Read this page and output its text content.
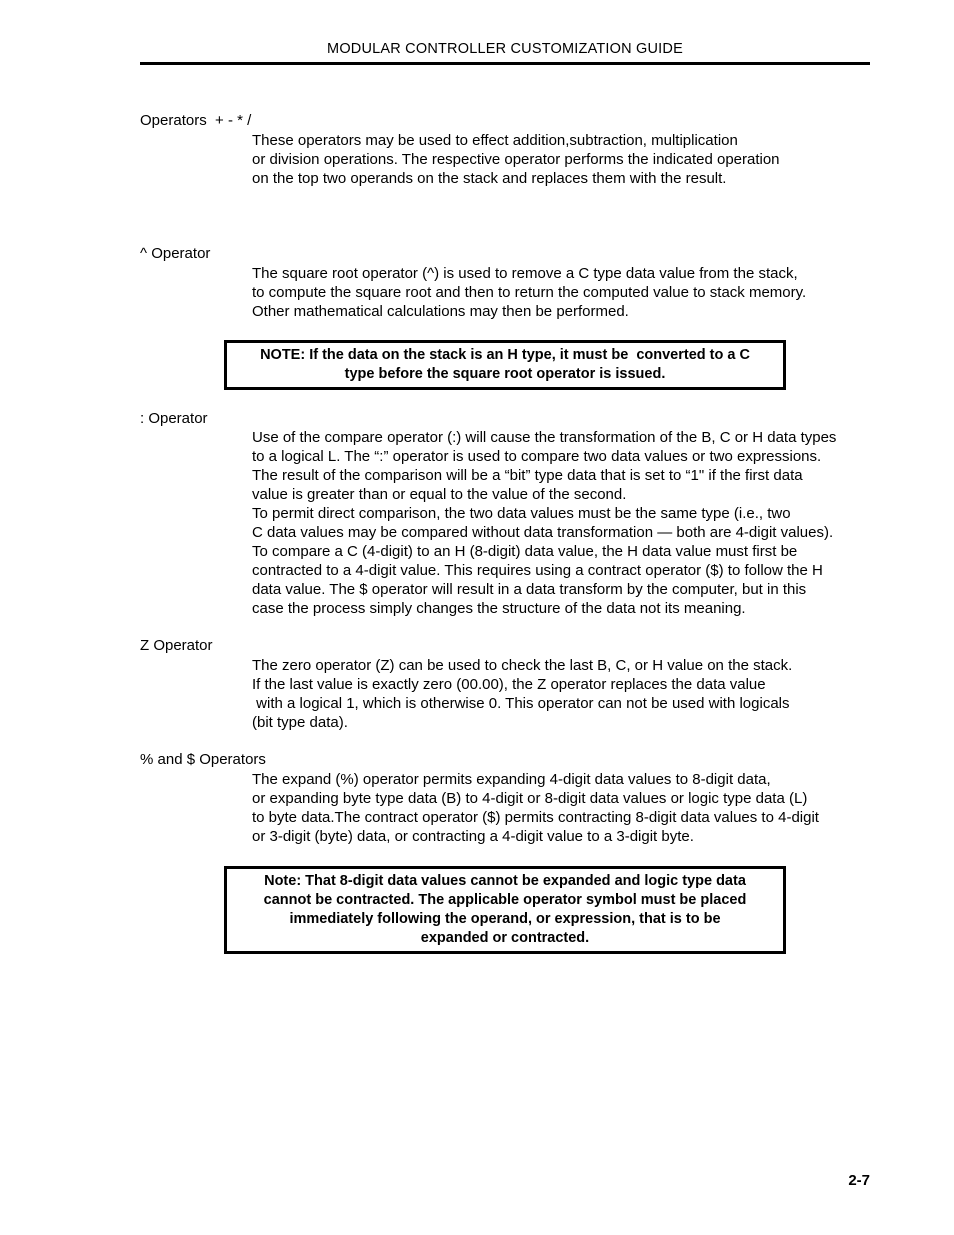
MODULAR CONTROLLER CUSTOMIZATION GUIDE
Operators  + - * /
These operators may be used to effect addition,subtraction, multiplication
or division operations. The respective operator performs the indicated operation
on the top two operands on the stack and replaces them with the result.
^ Operator
The square root operator (^) is used to remove a C type data value from the stack,
to compute the square root and then to return the computed value to stack memory.
Other mathematical calculations may then be performed.
NOTE: If the data on the stack is an H type, it must be  converted to a C
type before the square root operator is issued.
: Operator
Use of the compare operator (:) will cause the transformation of the B, C or H data types
to a logical L. The “:” operator is used to compare two data values or two expressions.
The result of the comparison will be a “bit” type data that is set to “1" if the first data
value is greater than or equal to the value of the second.
To permit direct comparison, the two data values must be the same type (i.e., two
C data values may be compared without data transformation — both are 4-digit values).
To compare a C (4-digit) to an H (8-digit) data value, the H data value must first be
contracted to a 4-digit value. This requires using a contract operator ($) to follow the H
data value. The $ operator will result in a data transform by the computer, but in this
case the process simply changes the structure of the data not its meaning.
Z Operator
The zero operator (Z) can be used to check the last B, C, or H value on the stack.
If the last value is exactly zero (00.00), the Z operator replaces the data value
with a logical 1, which is otherwise 0. This operator can not be used with logicals
(bit type data).
% and $ Operators
The expand (%) operator permits expanding 4-digit data values to 8-digit data,
or expanding byte type data (B) to 4-digit or 8-digit data values or logic type data (L)
to byte data.The contract operator ($) permits contracting 8-digit data values to 4-digit
or 3-digit (byte) data, or contracting a 4-digit value to a 3-digit byte.
Note: That 8-digit data values cannot be expanded and logic type data
cannot be contracted. The applicable operator symbol must be placed
immediately following the operand, or expression, that is to be
expanded or contracted.
2-7
